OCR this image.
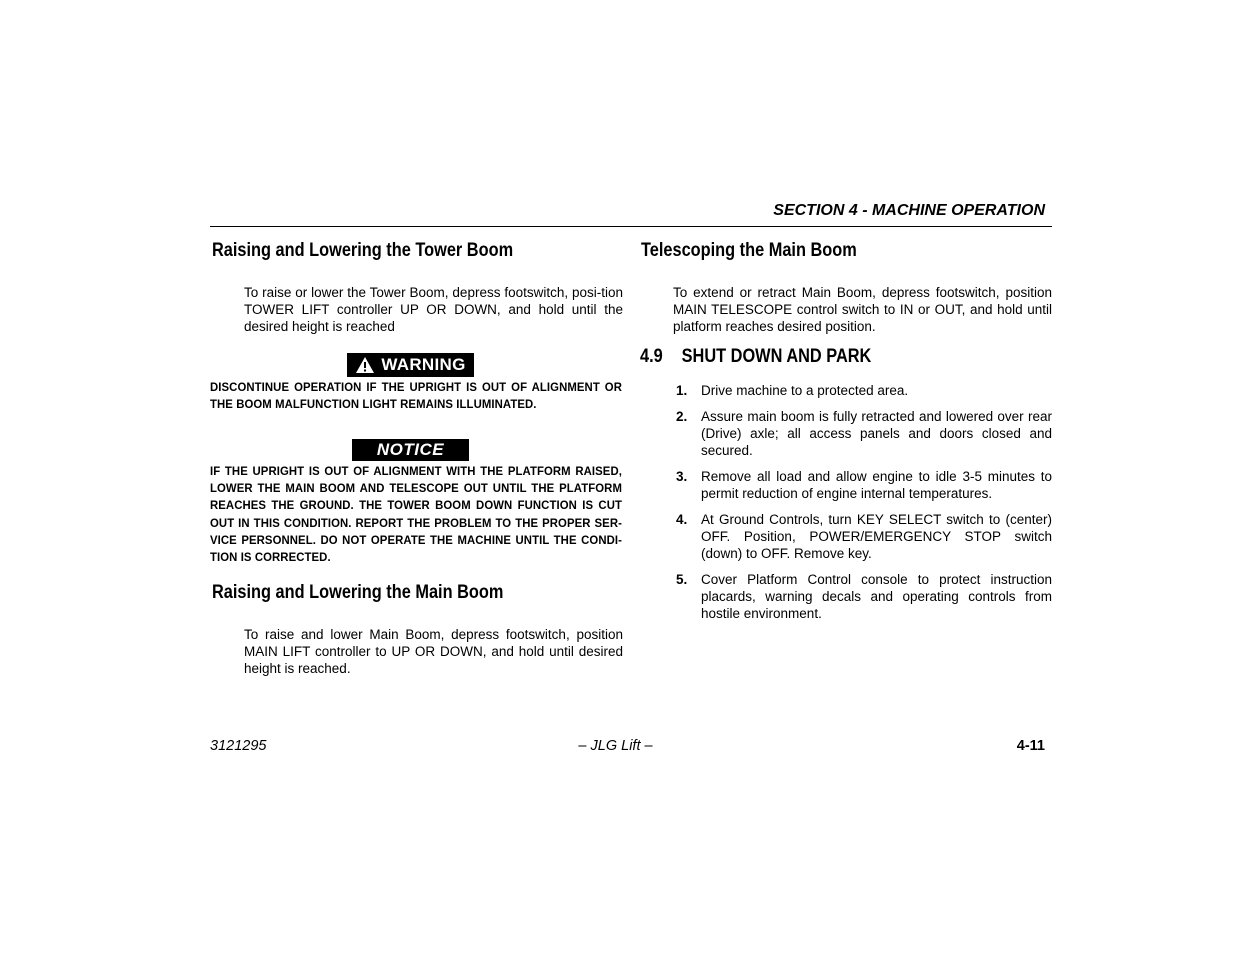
SECTION 4 - MACHINE OPERATION
Raising and Lowering the Tower Boom
To raise or lower the Tower Boom, depress footswitch, posi-tion TOWER LIFT controller UP OR DOWN, and hold until the desired height is reached
WARNING
DISCONTINUE OPERATION IF THE UPRIGHT IS OUT OF ALIGNMENT OR THE BOOM MALFUNCTION LIGHT REMAINS ILLUMINATED.
NOTICE
IF THE UPRIGHT IS OUT OF ALIGNMENT WITH THE PLATFORM RAISED, LOWER THE MAIN BOOM AND TELESCOPE OUT UNTIL THE PLATFORM REACHES THE GROUND. THE TOWER BOOM DOWN FUNCTION IS CUT OUT IN THIS CONDITION. REPORT THE PROBLEM TO THE PROPER SER-VICE PERSONNEL. DO NOT OPERATE THE MACHINE UNTIL THE CONDI-TION IS CORRECTED.
Raising and Lowering the Main Boom
To raise and lower Main Boom, depress footswitch, position MAIN LIFT controller to UP OR DOWN, and hold until desired height is reached.
Telescoping the Main Boom
To extend or retract Main Boom, depress footswitch, position MAIN TELESCOPE control switch to IN or OUT, and hold until platform reaches desired position.
4.9 SHUT DOWN AND PARK
1.	Drive machine to a protected area.
2.	Assure main boom is fully retracted and lowered over rear (Drive) axle; all access panels and doors closed and secured.
3.	Remove all load and allow engine to idle 3-5 minutes to permit reduction of engine internal temperatures.
4.	At Ground Controls, turn KEY SELECT switch to (center) OFF. Position, POWER/EMERGENCY STOP switch (down) to OFF. Remove key.
5.	Cover Platform Control console to protect instruction placards, warning decals and operating controls from hostile environment.
3121295	– JLG Lift –	4-11
